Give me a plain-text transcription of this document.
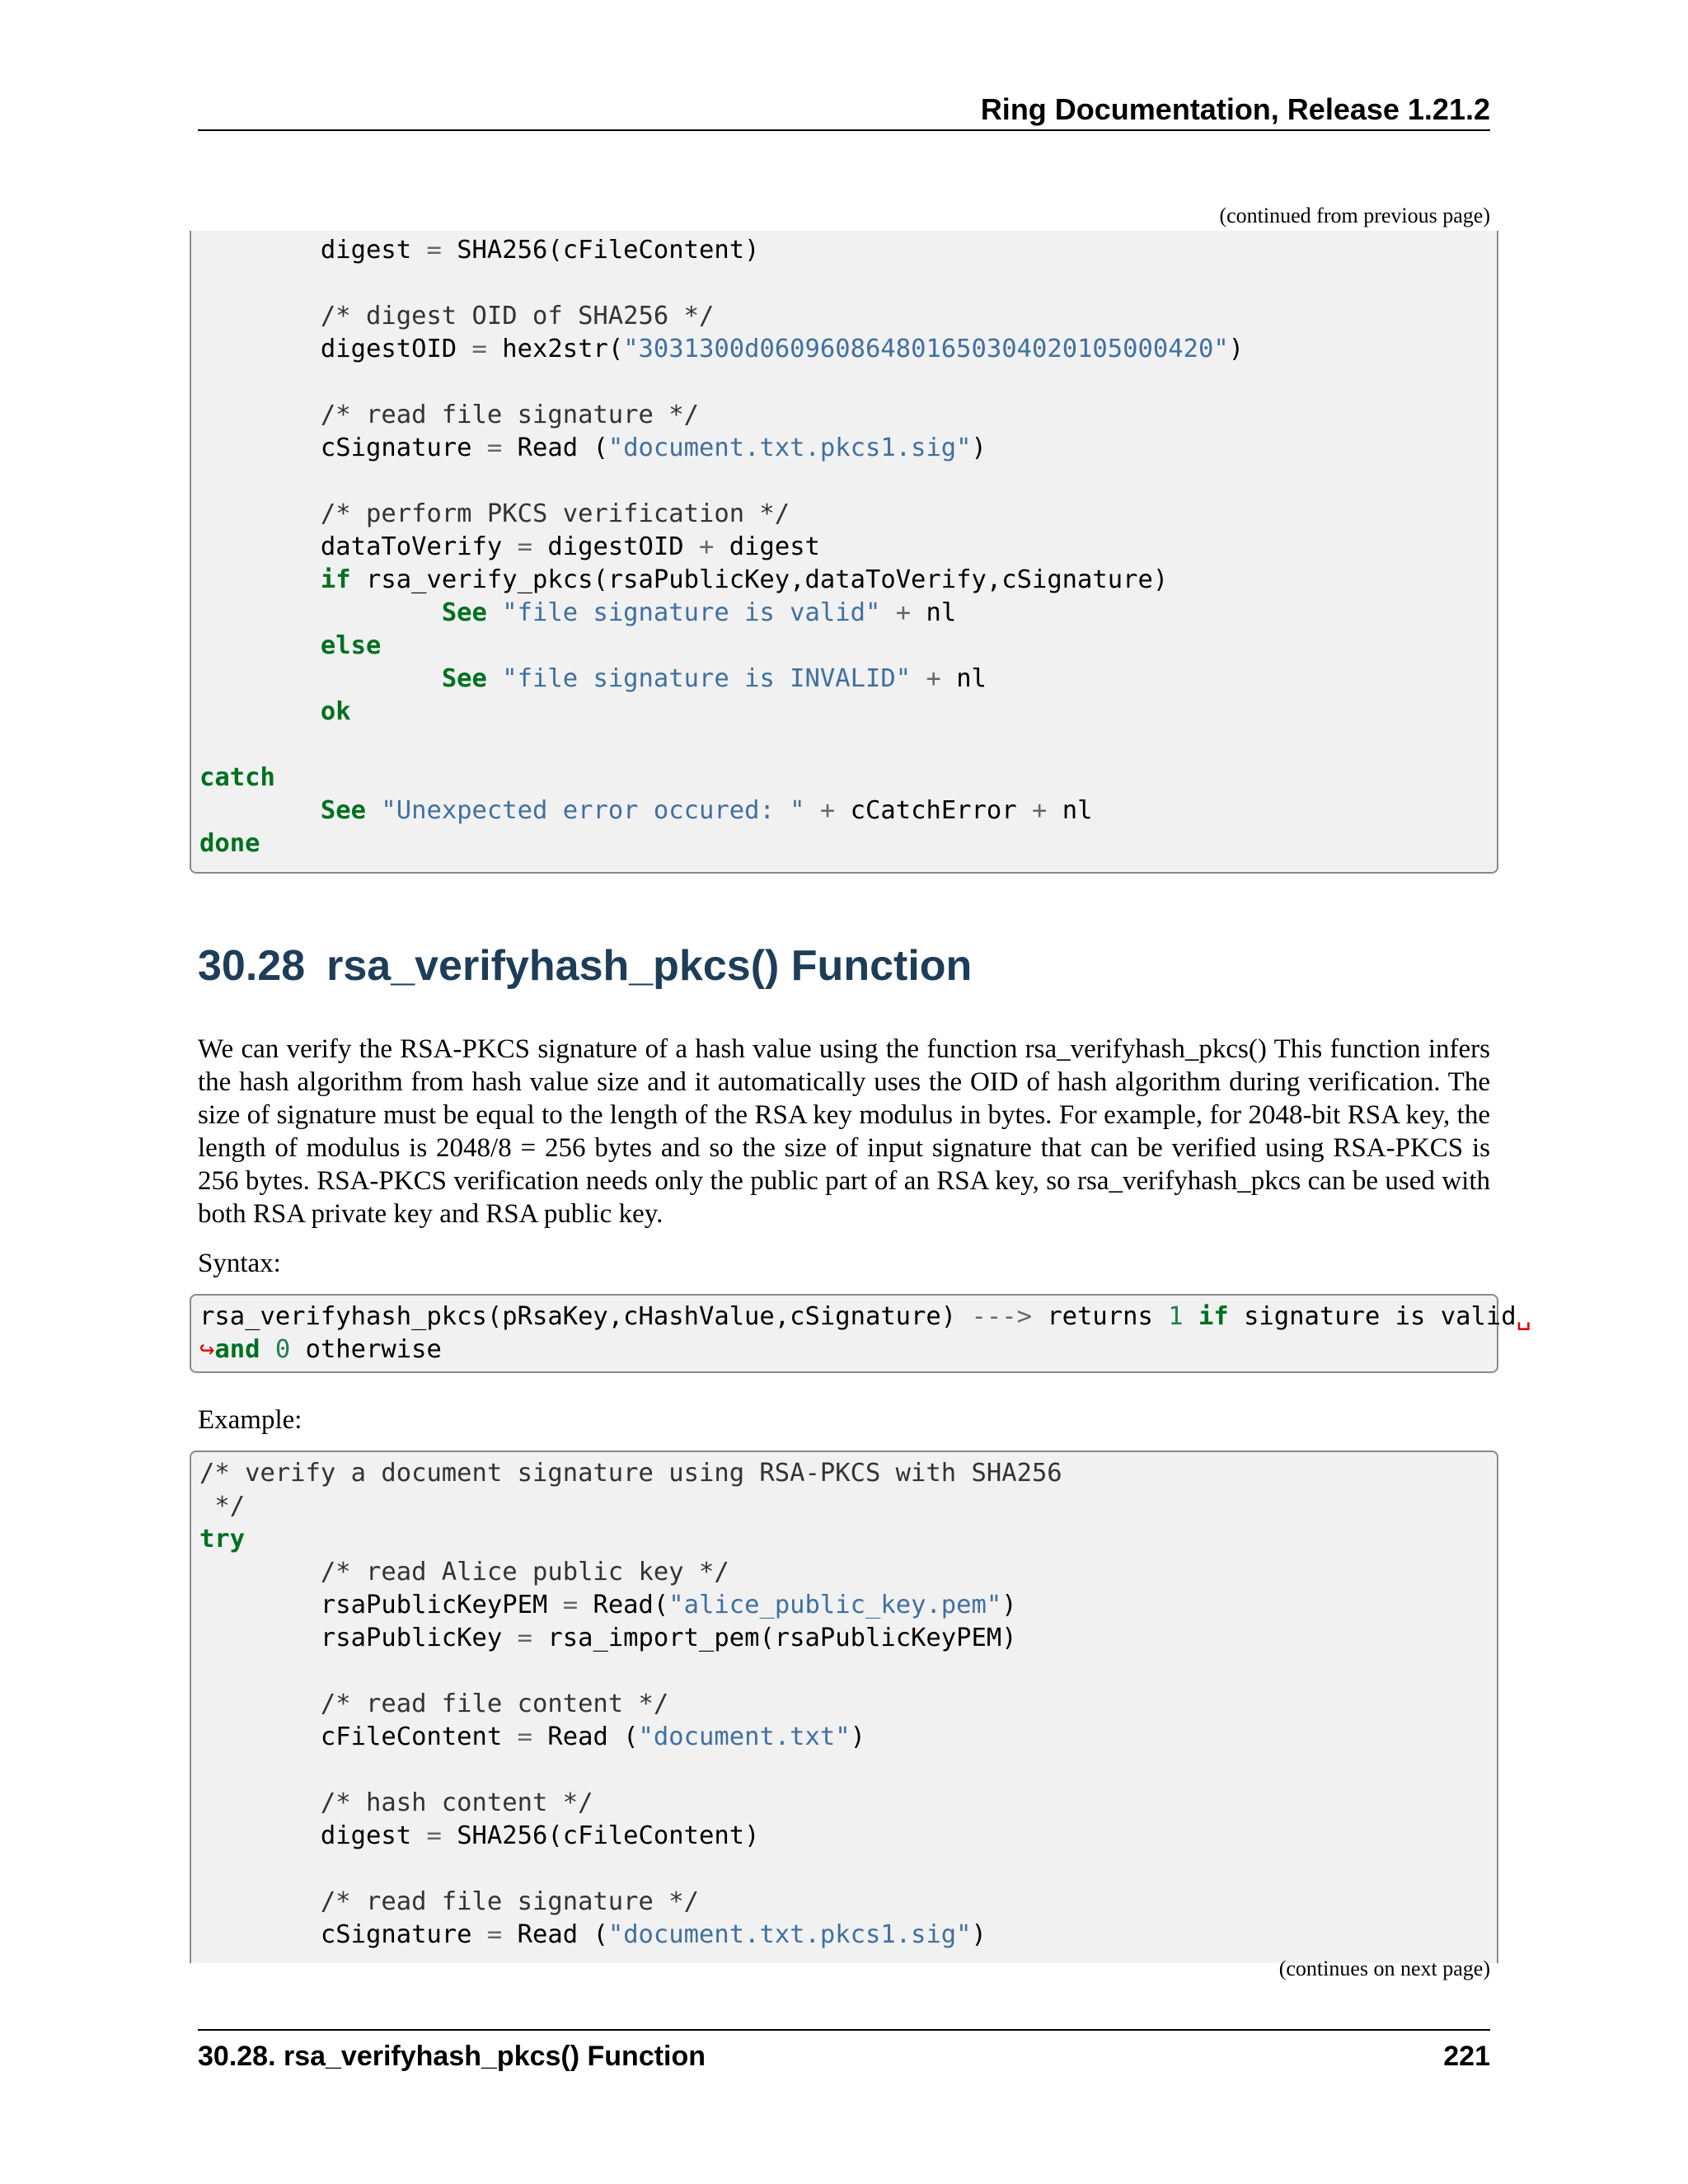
Ring Documentation, Release 1.21.2
(continued from previous page)
digest = SHA256(cFileContent)

/* digest OID of SHA256 */
digestOID = hex2str("3031300d060960864801650304020105000420")

/* read file signature */
cSignature = Read ("document.txt.pkcs1.sig")

/* perform PKCS verification */
dataToVerify = digestOID + digest
if rsa_verify_pkcs(rsaPublicKey,dataToVerify,cSignature)
See "file signature is valid" + nl
else
See "file signature is INVALID" + nl
ok

catch
See "Unexpected error occured: " + cCatchError + nl
done
30.28 rsa_verifyhash_pkcs() Function

We can verify the RSA-PKCS signature of a hash value using the function rsa_verifyhash_pkcs() This function infers the hash algorithm from hash value size and it automatically uses the OID of hash algorithm during verification. The size of signature must be equal to the length of the RSA key modulus in bytes. For example, for 2048-bit RSA key, the length of modulus is 2048/8 = 256 bytes and so the size of input signature that can be verified using RSA-PKCS is 256 bytes. RSA-PKCS verification needs only the public part of an RSA key, so rsa_verifyhash_pkcs can be used with both RSA private key and RSA public key.

Syntax:

rsa_verifyhash_pkcs(pRsaKey,cHashValue,cSignature) ---> returns 1 if signature is valid␣
↪and 0 otherwise

Example:

/* verify a document signature using RSA-PKCS with SHA256
*/
try
/* read Alice public key */
rsaPublicKeyPEM = Read("alice_public_key.pem")
rsaPublicKey = rsa_import_pem(rsaPublicKeyPEM)

/* read file content */
cFileContent = Read ("document.txt")

/* hash content */
digest = SHA256(cFileContent)

/* read file signature */
cSignature = Read ("document.txt.pkcs1.sig")
(continues on next page)
30.28. rsa_verifyhash_pkcs() Function	221
